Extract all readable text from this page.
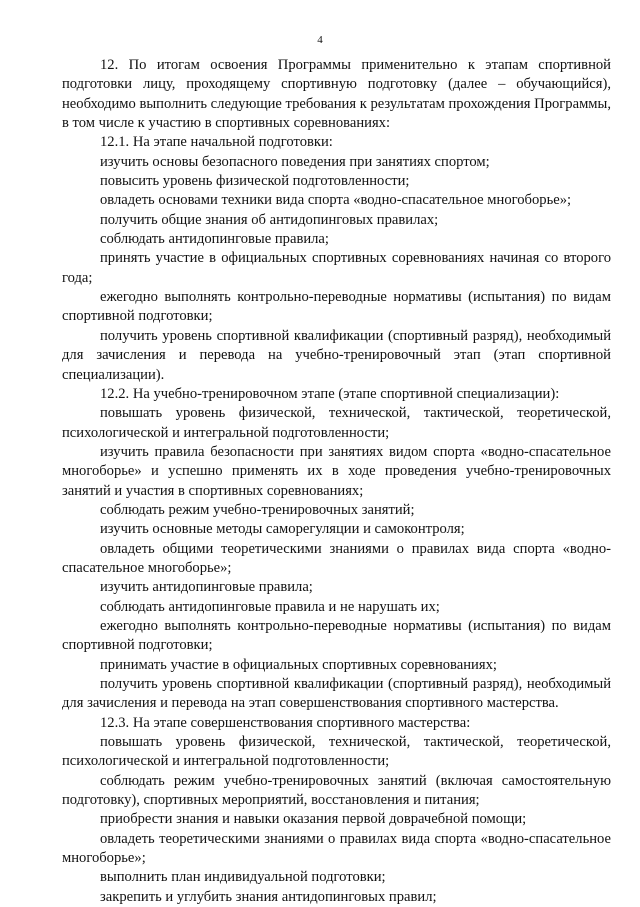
4

12. По итогам освоения Программы применительно к этапам спортивной подготовки лицу, проходящему спортивную подготовку (далее – обучающийся), необходимо выполнить следующие требования к результатам прохождения Программы, в том числе к участию в спортивных соревнованиях:

12.1. На этапе начальной подготовки:

изучить основы безопасного поведения при занятиях спортом;

повысить уровень физической подготовленности;

овладеть основами техники вида спорта «водно-спасательное многоборье»;

получить общие знания об антидопинговых правилах;

соблюдать антидопинговые правила;

принять участие в официальных спортивных соревнованиях начиная со второго года;

ежегодно выполнять контрольно-переводные нормативы (испытания) по видам спортивной подготовки;

получить уровень спортивной квалификации (спортивный разряд), необходимый для зачисления и перевода на учебно-тренировочный этап (этап спортивной специализации).

12.2. На учебно-тренировочном этапе (этапе спортивной специализации):

повышать уровень физической, технической, тактической, теоретической, психологической и интегральной подготовленности;

изучить правила безопасности при занятиях видом спорта «водно-спасательное многоборье» и успешно применять их в ходе проведения учебно-тренировочных занятий и участия в спортивных соревнованиях;

соблюдать режим учебно-тренировочных занятий;

изучить основные методы саморегуляции и самоконтроля;

овладеть общими теоретическими знаниями о правилах вида спорта «водно-спасательное многоборье»;

изучить антидопинговые правила;

соблюдать антидопинговые правила и не нарушать их;

ежегодно выполнять контрольно-переводные нормативы (испытания) по видам спортивной подготовки;

принимать участие в официальных спортивных соревнованиях;

получить уровень спортивной квалификации (спортивный разряд), необходимый для зачисления и перевода на этап совершенствования спортивного мастерства.

12.3. На этапе совершенствования спортивного мастерства:

повышать уровень физической, технической, тактической, теоретической, психологической и интегральной подготовленности;

соблюдать режим учебно-тренировочных занятий (включая самостоятельную подготовку), спортивных мероприятий, восстановления и питания;

приобрести знания и навыки оказания первой доврачебной помощи;

овладеть теоретическими знаниями о правилах вида спорта «водно-спасательное многоборье»;

выполнить план индивидуальной подготовки;

закрепить и углубить знания антидопинговых правил;
